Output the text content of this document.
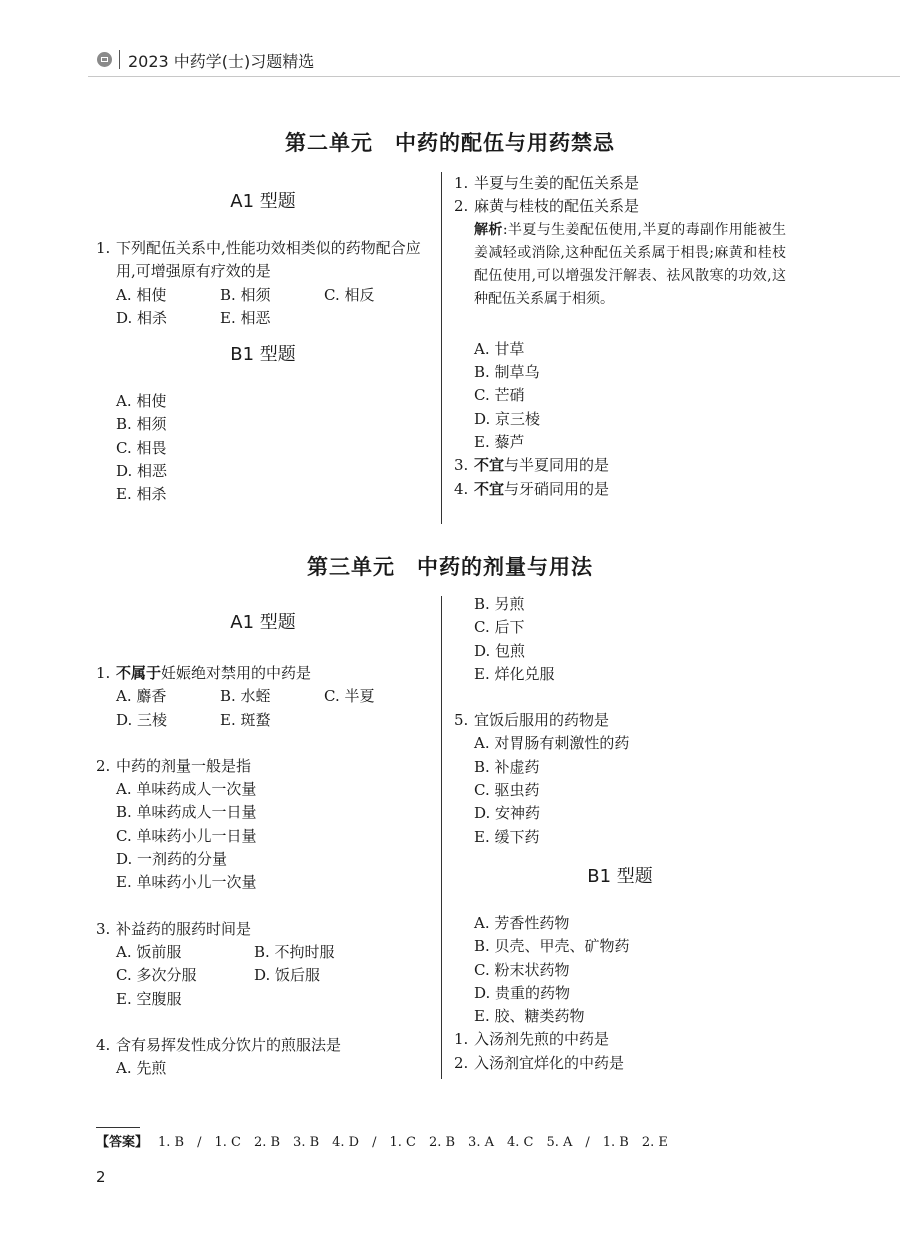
2023 中药学(士)习题精选
第二单元　中药的配伍与用药禁忌
A1 型题
1. 下列配伍关系中,性能功效相类似的药物配合应用,可增强原有疗效的是
A. 相使	B. 相须	C. 相反
D. 相杀	E. 相恶
B1 型题

A. 相使

B. 相须

C. 相畏

D. 相恶

E. 相杀

1. 半夏与生姜的配伍关系是
2. 麻黄与桂枝的配伍关系是

解析:半夏与生姜配伍使用,半夏的毒副作用能被生姜减轻或消除,这种配伍关系属于相畏;麻黄和桂枝配伍使用,可以增强发汗解表、祛风散寒的功效,这种配伍关系属于相须。

A. 甘草

B. 制草乌

C. 芒硝

D. 京三棱

E. 藜芦

3. 不宜与半夏同用的是
4. 不宜与牙硝同用的是
第三单元　中药的剂量与用法
A1 型题
1. 不属于妊娠绝对禁用的中药是
A. 麝香	B. 水蛭	C. 半夏
D. 三棱	E. 斑蝥
2. 中药的剂量一般是指

A. 单味药成人一次量

B. 单味药成人一日量

C. 单味药小儿一日量

D. 一剂药的分量

E. 单味药小儿一次量

3. 补益药的服药时间是
A. 饭前服	B. 不拘时服
C. 多次分服	D. 饭后服

E. 空腹服

4. 含有易挥发性成分饮片的煎服法是

A. 先煎

B. 另煎

C. 后下

D. 包煎

E. 烊化兑服

5. 宜饭后服用的药物是

A. 对胃肠有刺激性的药

B. 补虚药

C. 驱虫药

D. 安神药

E. 缓下药

B1 型题

A. 芳香性药物

B. 贝壳、甲壳、矿物药

C. 粉末状药物

D. 贵重的药物

E. 胶、糖类药物

1. 入汤剂先煎的中药是
2. 入汤剂宜烊化的中药是
【答案】 1. B　/　1. C　2. B　3. B　4. D　/　1. C　2. B　3. A　4. C　5. A　/　1. B　2. E
2
